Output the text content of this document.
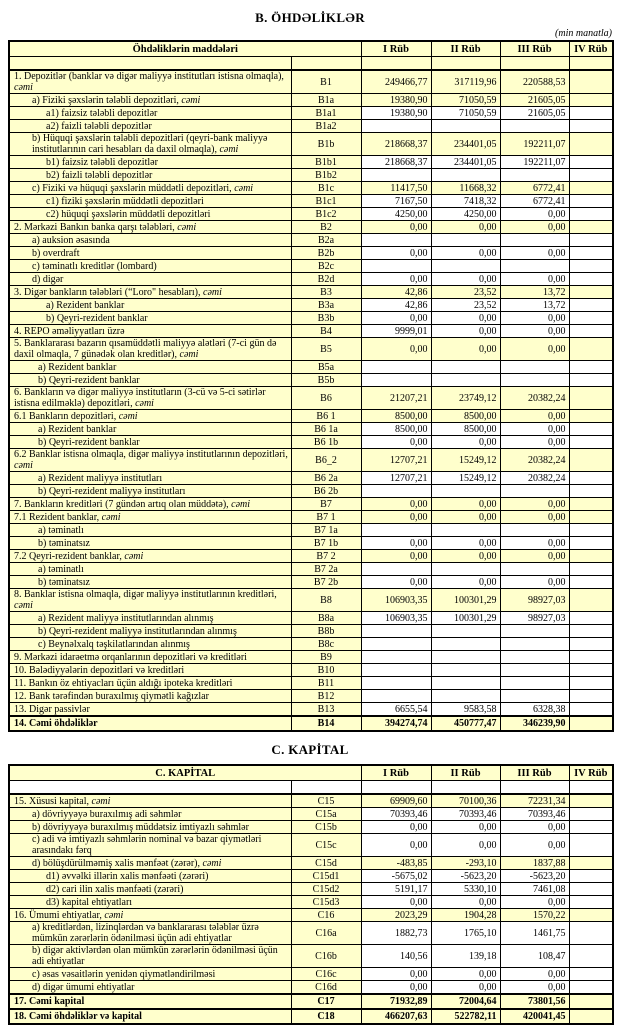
B. ÖHDƏLİKLƏR
(min manatla)
Öhdəliklərin maddələri		I Rüb	II Rüb	III Rüb	IV Rüb

1. Depozitlər (banklar və digər maliyyə institutları istisna olmaqla), cəmi	B1	249466,77	317119,96	220588,53	
a) Fiziki şəxslərin tələbli depozitləri, cəmi	B1a	19380,90	71050,59	21605,05	
a1) faizsiz tələbli depozitlər	B1a1	19380,90	71050,59	21605,05	
a2) faizli tələbli depozitlər	B1a2				
b) Hüquqi şəxslərin tələbli depozitləri (qeyri-bank maliyyə institutlarının cari hesabları da daxil olmaqla), cəmi	B1b	218668,37	234401,05	192211,07	
b1) faizsiz tələbli depozitlər	B1b1	218668,37	234401,05	192211,07	
b2) faizli tələbli depozitlər	B1b2				
c) Fiziki və hüquqi şəxslərin müddətli depozitləri, cəmi	B1c	11417,50	11668,32	6772,41	
c1) fiziki şəxslərin müddətli depozitləri	B1c1	7167,50	7418,32	6772,41	
c2) hüquqi şəxslərin müddətli depozitləri	B1c2	4250,00	4250,00	0,00	
2. Mərkəzi Bankın banka qarşı tələbləri, cəmi	B2	0,00	0,00	0,00	
a) auksion əsasında	B2a				
b) overdraft	B2b	0,00	0,00	0,00	
c) təminatlı kreditlər (lombard)	B2c				
d) digər	B2d	0,00	0,00	0,00	
3. Digər bankların tələbləri (“Loro" hesabları), cəmi	B3	42,86	23,52	13,72	
a) Rezident banklar	B3a	42,86	23,52	13,72	
b) Qeyri-rezident banklar	B3b	0,00	0,00	0,00	
4. REPO əməliyyatları üzrə	B4	9999,01	0,00	0,00	
5. Banklararası bazarın qısamüddətli maliyyə alətləri (7-ci gün də daxil olmaqla, 7 günədək olan kreditlər), cəmi	B5	0,00	0,00	0,00	
a) Rezident banklar	B5a				
b) Qeyri-rezident banklar	B5b				
6. Bankların və digər maliyyə institutların (3-cü və 5-ci sətirlər istisna edilməklə) depozitləri, cəmi	B6	21207,21	23749,12	20382,24	
6.1 Bankların depozitləri, cəmi	B6 1	8500,00	8500,00	0,00	
a) Rezident banklar	B6 1a	8500,00	8500,00	0,00	
b) Qeyri-rezident banklar	B6 1b	0,00	0,00	0,00	
6.2 Banklar istisna olmaqla, digər maliyyə institutlarının depozitləri, cəmi	B6_2	12707,21	15249,12	20382,24	
a) Rezident maliyyə institutları	B6 2a	12707,21	15249,12	20382,24	
b) Qeyri-rezident maliyyə institutları	B6 2b				
7. Bankların kreditləri (7 gündən artıq olan müddətə), cəmi	B7	0,00	0,00	0,00	
7.1 Rezident banklar, cəmi	B7 1	0,00	0,00	0,00	
a) təminatlı	B7 1a				
b) təminatsız	B7 1b	0,00	0,00	0,00	
7.2 Qeyri-rezident banklar, cəmi	B7 2	0,00	0,00	0,00	
a) təminatlı	B7 2a				
b) təminatsız	B7 2b	0,00	0,00	0,00	
8. Banklar istisna olmaqla, digər maliyyə institutlarının kreditləri, cəmi	B8	106903,35	100301,29	98927,03	
a) Rezident maliyyə institutlarından alınmış	B8a	106903,35	100301,29	98927,03	
b) Qeyri-rezident maliyyə institutlarından alınmış	B8b				
c) Beynəlxalq təşkilatlarından alınmış	B8c				
9. Mərkəzi idarəetmə orqanlarının depozitləri və kreditləri	B9				
10. Bələdiyyələrin depozitləri və kreditləri	B10				
11. Bankın öz ehtiyacları üçün aldığı ipoteka kreditləri	B11				
12. Bank tərəfindən buraxılmış qiymətli kağızlar	B12				
13. Digər passivlər	B13	6655,54	9583,58	6328,38	
14. Cəmi öhdəliklər	B14	394274,74	450777,47	346239,90	
C. KAPİTAL
C. KAPİTAL		I Rüb	II Rüb	III Rüb	IV Rüb

15. Xüsusi kapital, cəmi	C15	69909,60	70100,36	72231,34	
a) dövriyyəyə buraxılmış adi səhmlər	C15a	70393,46	70393,46	70393,46	
b) dövriyyəyə buraxılmış müddətsiz imtiyazlı səhmlər	C15b	0,00	0,00	0,00	
c) adi və imtiyazlı səhmlərin nominal və bazar qiymətləri arasındakı fərq	C15c	0,00	0,00	0,00	
d) bölüşdürülməmiş xalis mənfəət (zərər), cəmi	C15d	-483,85	-293,10	1837,88	
d1) əvvəlki illərin xalis mənfəəti (zərəri)	C15d1	-5675,02	-5623,20	-5623,20	
d2) cari ilin xalis mənfəəti (zərəri)	C15d2	5191,17	5330,10	7461,08	
d3) kapital ehtiyatları	C15d3	0,00	0,00	0,00	
16. Ümumi ehtiyatlar, cəmi	C16	2023,29	1904,28	1570,22	
a) kreditlərdən, lizinqlərdən və banklararası tələblər üzrə mümkün zərərlərin ödənilməsi üçün adi ehtiyatlar	C16a	1882,73	1765,10	1461,75	
b) digər aktivlərdən olan mümkün zərərlərin ödənilməsi üçün adi ehtiyatlar	C16b	140,56	139,18	108,47	
c) əsas vəsaitlərin yenidən qiymətləndirilməsi	C16c	0,00	0,00	0,00	
d) digər ümumi ehtiyatlar	C16d	0,00	0,00	0,00	
17. Cəmi kapital	C17	71932,89	72004,64	73801,56	
18. Cəmi öhdəliklər və kapital	C18	466207,63	522782,11	420041,45	
